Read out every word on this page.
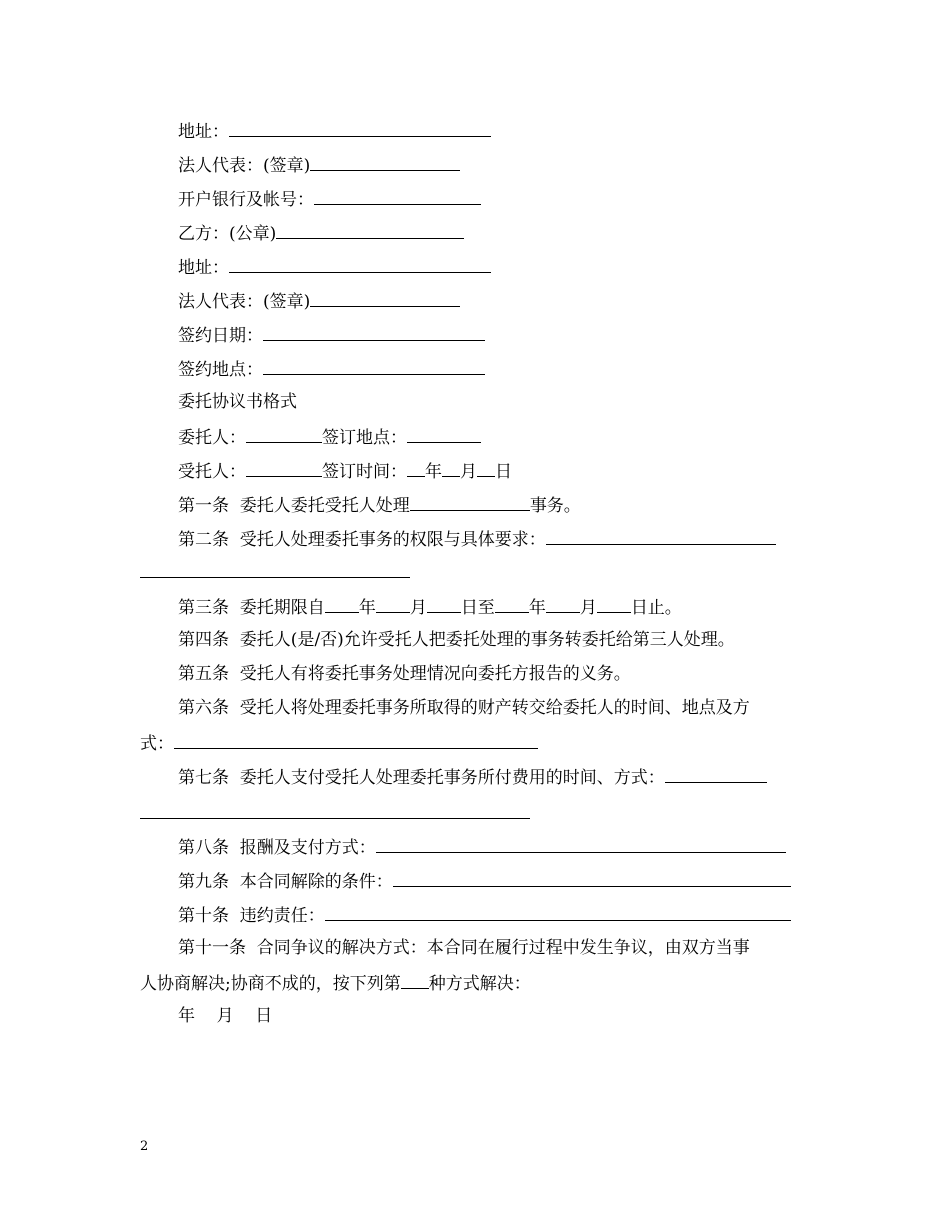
地址：
法人代表：(签章)
开户银行及帐号：
乙方：(公章)
地址：
法人代表：(签章)
签约日期：
签约地点：
委托协议书格式
委托人：	签订地点：
受托人：	签订时间： 年 月 日
第一条  委托人委托受托人处理	事务。
第二条  受托人处理委托事务的权限与具体要求：
第三条  委托期限自 年 月 日至 年 月 日止。
第四条  委托人(是/否)允许受托人把委托处理的事务转委托给第三人处理。
第五条  受托人有将委托事务处理情况向委托方报告的义务。
第六条  受托人将处理委托事务所取得的财产转交给委托人的时间、地点及方
式：
第七条  委托人支付受托人处理委托事务所付费用的时间、方式：
第八条  报酬及支付方式：
第九条  本合同解除的条件：
第十条  违约责任：
第十一条  合同争议的解决方式：本合同在履行过程中发生争议，由双方当事
人协商解决;协商不成的，按下列第 种方式解决：
年    月    日
2
